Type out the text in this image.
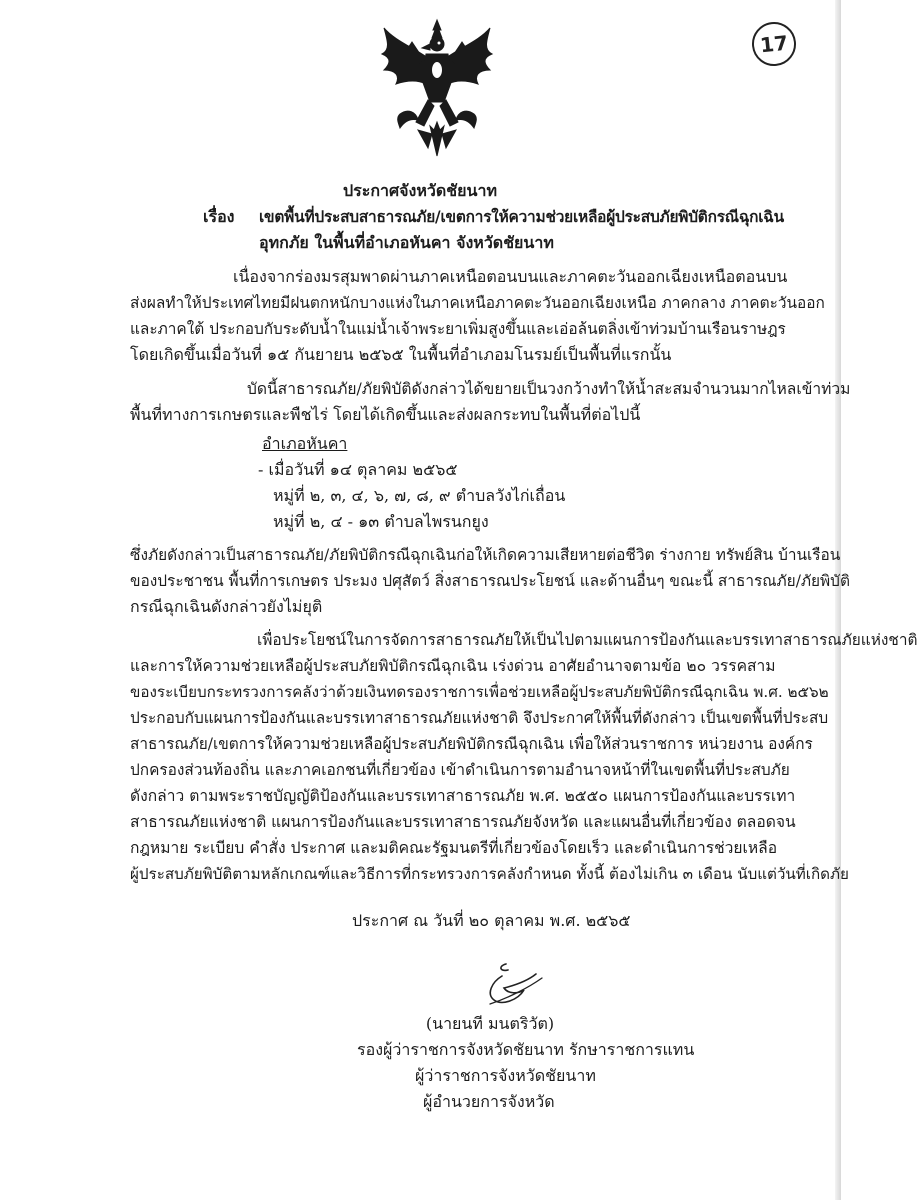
17
ประกาศจังหวัดชัยนาท
เรื่อง เขตพื้นที่ประสบสาธารณภัย/เขตการให้ความช่วยเหลือผู้ประสบภัยพิบัติกรณีฉุกเฉิน
อุทกภัย ในพื้นที่อำเภอหันคา จังหวัดชัยนาท
เนื่องจากร่องมรสุมพาดผ่านภาคเหนือตอนบนและภาคตะวันออกเฉียงเหนือตอนบน
ส่งผลทำให้ประเทศไทยมีฝนตกหนักบางแห่งในภาคเหนือภาคตะวันออกเฉียงเหนือ ภาคกลาง ภาคตะวันออก
และภาคใต้ ประกอบกับระดับน้ำในแม่น้ำเจ้าพระยาเพิ่มสูงขึ้นและเอ่อล้นตลิ่งเข้าท่วมบ้านเรือนราษฎร
โดยเกิดขึ้นเมื่อวันที่ ๑๕ กันยายน ๒๕๖๕ ในพื้นที่อำเภอมโนรมย์เป็นพื้นที่แรกนั้น
บัดนี้สาธารณภัย/ภัยพิบัติดังกล่าวได้ขยายเป็นวงกว้างทำให้น้ำสะสมจำนวนมากไหลเข้าท่วม
พื้นที่ทางการเกษตรและพืชไร่ โดยได้เกิดขึ้นและส่งผลกระทบในพื้นที่ต่อไปนี้
อำเภอหันคา
- เมื่อวันที่ ๑๔ ตุลาคม ๒๕๖๕
หมู่ที่ ๒, ๓, ๔, ๖, ๗, ๘, ๙ ตำบลวังไก่เถื่อน
หมู่ที่ ๒, ๔ - ๑๓ ตำบลไพรนกยูง
ซึ่งภัยดังกล่าวเป็นสาธารณภัย/ภัยพิบัติกรณีฉุกเฉินก่อให้เกิดความเสียหายต่อชีวิต ร่างกาย ทรัพย์สิน บ้านเรือน
ของประชาชน พื้นที่การเกษตร ประมง ปศุสัตว์ สิ่งสาธารณประโยชน์ และด้านอื่นๆ ขณะนี้ สาธารณภัย/ภัยพิบัติ
กรณีฉุกเฉินดังกล่าวยังไม่ยุติ
เพื่อประโยชน์ในการจัดการสาธารณภัยให้เป็นไปตามแผนการป้องกันและบรรเทาสาธารณภัยแห่งชาติ
และการให้ความช่วยเหลือผู้ประสบภัยพิบัติกรณีฉุกเฉิน เร่งด่วน อาศัยอำนาจตามข้อ ๒๐ วรรคสาม
ของระเบียบกระทรวงการคลังว่าด้วยเงินทดรองราชการเพื่อช่วยเหลือผู้ประสบภัยพิบัติกรณีฉุกเฉิน พ.ศ. ๒๕๖๒
ประกอบกับแผนการป้องกันและบรรเทาสาธารณภัยแห่งชาติ จึงประกาศให้พื้นที่ดังกล่าว เป็นเขตพื้นที่ประสบ
สาธารณภัย/เขตการให้ความช่วยเหลือผู้ประสบภัยพิบัติกรณีฉุกเฉิน เพื่อให้ส่วนราชการ หน่วยงาน องค์กร
ปกครองส่วนท้องถิ่น และภาคเอกชนที่เกี่ยวข้อง เข้าดำเนินการตามอำนาจหน้าที่ในเขตพื้นที่ประสบภัย
ดังกล่าว ตามพระราชบัญญัติป้องกันและบรรเทาสาธารณภัย พ.ศ. ๒๕๕๐ แผนการป้องกันและบรรเทา
สาธารณภัยแห่งชาติ แผนการป้องกันและบรรเทาสาธารณภัยจังหวัด และแผนอื่นที่เกี่ยวข้อง ตลอดจน
กฎหมาย ระเบียบ คำสั่ง ประกาศ และมติคณะรัฐมนตรีที่เกี่ยวข้องโดยเร็ว และดำเนินการช่วยเหลือ
ผู้ประสบภัยพิบัติตามหลักเกณฑ์และวิธีการที่กระทรวงการคลังกำหนด ทั้งนี้ ต้องไม่เกิน ๓ เดือน นับแต่วันที่เกิดภัย
ประกาศ ณ วันที่ ๒๐ ตุลาคม พ.ศ. ๒๕๖๕
(นายนที มนตริวัต)
รองผู้ว่าราชการจังหวัดชัยนาท รักษาราชการแทน
ผู้ว่าราชการจังหวัดชัยนาท
ผู้อำนวยการจังหวัด
